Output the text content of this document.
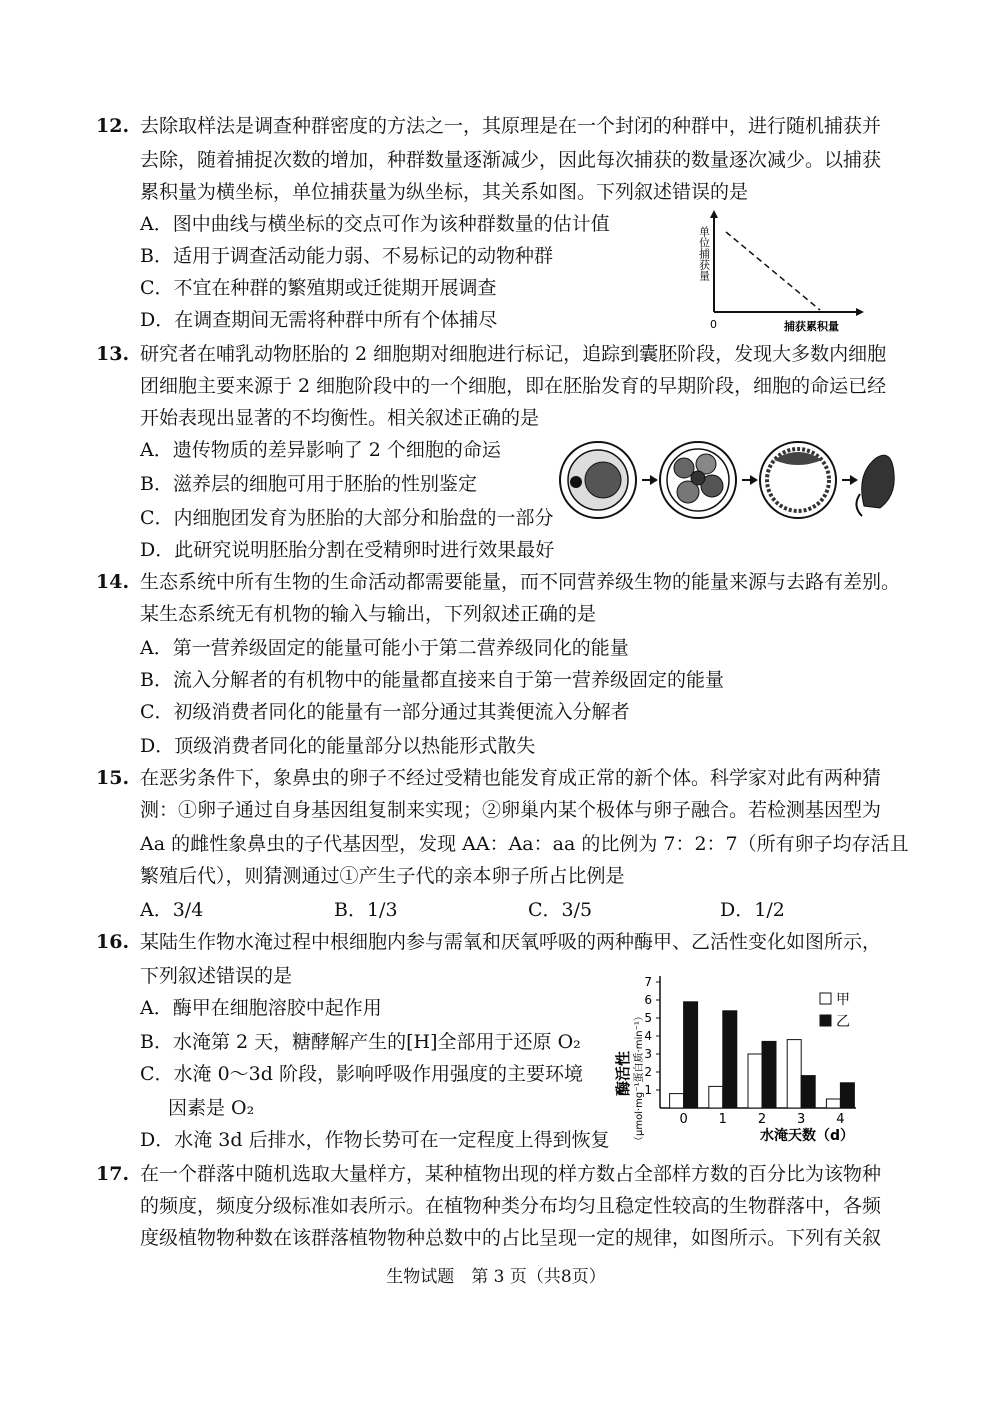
12. 去除取样法是调查种群密度的方法之一，其原理是在一个封闭的种群中，进行随机捕获并
去除，随着捕捉次数的增加，种群数量逐渐减少，因此每次捕获的数量逐次减少。以捕获
累积量为横坐标，单位捕获量为纵坐标，其关系如图。下列叙述错误的是
A．图中曲线与横坐标的交点可作为该种群数量的估计值
B．适用于调查活动能力弱、不易标记的动物种群
C．不宜在种群的繁殖期或迁徙期开展调查
D．在调查期间无需将种群中所有个体捕尽
单位捕获量
0	捕获累积量
13. 研究者在哺乳动物胚胎的 2 细胞期对细胞进行标记，追踪到囊胚阶段，发现大多数内细胞
团细胞主要来源于 2 细胞阶段中的一个细胞，即在胚胎发育的早期阶段，细胞的命运已经
开始表现出显著的不均衡性。相关叙述正确的是
A．遗传物质的差异影响了 2 个细胞的命运
B．滋养层的细胞可用于胚胎的性别鉴定
C．内细胞团发育为胚胎的大部分和胎盘的一部分
D．此研究说明胚胎分割在受精卵时进行效果最好
14. 生态系统中所有生物的生命活动都需要能量，而不同营养级生物的能量来源与去路有差别。
某生态系统无有机物的输入与输出，下列叙述正确的是
A．第一营养级固定的能量可能小于第二营养级同化的能量
B．流入分解者的有机物中的能量都直接来自于第一营养级固定的能量
C．初级消费者同化的能量有一部分通过其粪便流入分解者
D．顶级消费者同化的能量部分以热能形式散失
15. 在恶劣条件下，象鼻虫的卵子不经过受精也能发育成正常的新个体。科学家对此有两种猜
测：①卵子通过自身基因组复制来实现；②卵巢内某个极体与卵子融合。若检测基因型为
Aa 的雌性象鼻虫的子代基因型，发现 AA：Aa：aa 的比例为 7：2：7（所有卵子均存活且
繁殖后代），则猜测通过①产生子代的亲本卵子所占比例是
A．3/4	B．1/3	C．3/5	D．1/2
16. 某陆生作物水淹过程中根细胞内参与需氧和厌氧呼吸的两种酶甲、乙活性变化如图所示，
下列叙述错误的是
A．酶甲在细胞溶胶中起作用
B．水淹第 2 天，糖酵解产生的[H]全部用于还原 O₂
C．水淹 0～3d 阶段，影响呼吸作用强度的主要环境
因素是 O₂
D．水淹 3d 后排水，作物长势可在一定程度上得到恢复
酶活性 （μmol·mg⁻¹蛋白质·min⁻¹）	水淹天数（d）
1
2
3
4
5
6
7
0 1 2 3 4
甲
乙
17. 在一个群落中随机选取大量样方，某种植物出现的样方数占全部样方数的百分比为该物种
的频度，频度分级标准如表所示。在植物种类分布均匀且稳定性较高的生物群落中，各频
度级植物物种数在该群落植物物种总数中的占比呈现一定的规律，如图所示。下列有关叙
生物试题　第 3 页（共8页）
